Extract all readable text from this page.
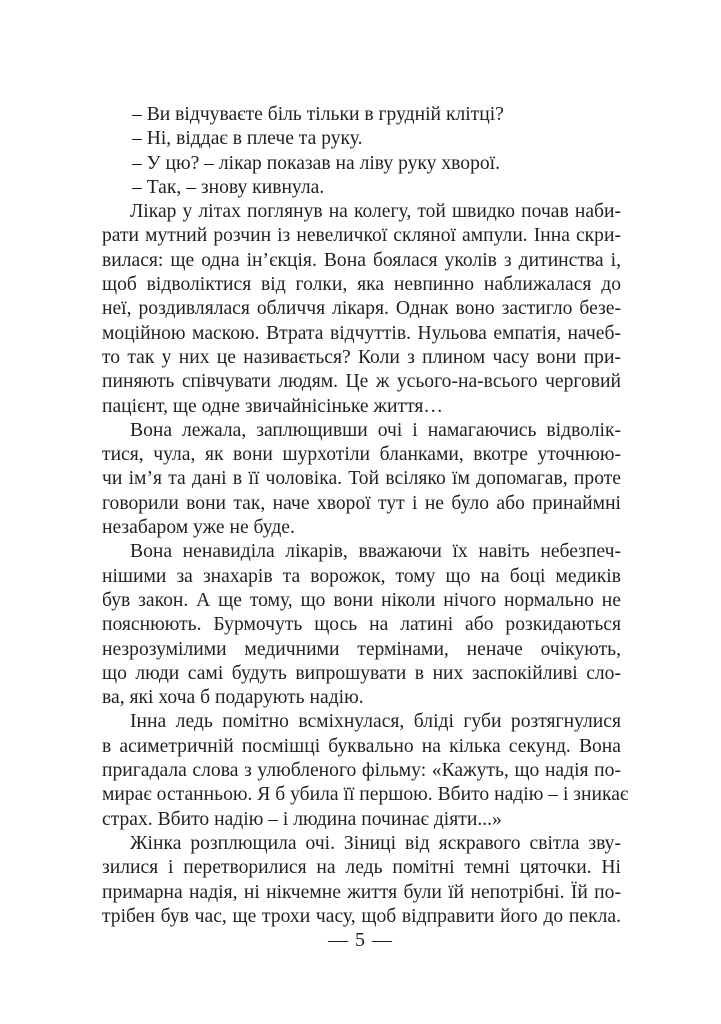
– Ви відчуваєте біль тільки в грудній клітці?
– Ні, віддає в плече та руку.
– У цю? – лікар показав на ліву руку хворої.
– Так, – знову кивнула.
Лікар у літах поглянув на колегу, той швидко почав наби-
рати мутний розчин із невеличкої скляної ампули. Інна скри-
вилася: ще одна ін’єкція. Вона боялася уколів з дитинства і,
щоб відволіктися від голки, яка невпинно наближалася до
неї, роздивлялася обличчя лікаря. Однак воно застигло безе-
моційною маскою. Втрата відчуттів. Нульова емпатія, начеб-
то так у них це називається? Коли з плином часу вони при-
пиняють співчувати людям. Це ж усього-на-всього черговий
пацієнт, ще одне звичайнісіньке життя…
Вона лежала, заплющивши очі і намагаючись відволік-
тися, чула, як вони шурхотіли бланками, вкотре уточнюю-
чи ім’я та дані в її чоловіка. Той всіляко їм допомагав, проте
говорили вони так, наче хворої тут і не було або принаймні
незабаром уже не буде.
Вона ненавиділа лікарів, вважаючи їх навіть небезпеч-
нішими за знахарів та ворожок, тому що на боці медиків
був закон. А ще тому, що вони ніколи нічого нормально не
пояснюють. Бурмочуть щось на латині або розкидаються
незрозумілими медичними термінами, неначе очікують,
що люди самі будуть випрошувати в них заспокійливі сло-
ва, які хоча б подарують надію.
Інна ледь помітно всміхнулася, бліді губи розтягнулися
в асиметричній посмішці буквально на кілька секунд. Вона
пригадала слова з улюбленого фільму: «Кажуть, що надія по-
мирає останньою. Я б убила її першою. Вбито надію – і зникає
страх. Вбито надію – і людина починає діяти...»
Жінка розплющила очі. Зіниці від яскравого світла зву-
зилися і перетворилися на ледь помітні темні цяточки. Ні
примарна надія, ні нікчемне життя були їй непотрібні. Їй по-
трібен був час, ще трохи часу, щоб відправити його до пекла.
— 5 —
